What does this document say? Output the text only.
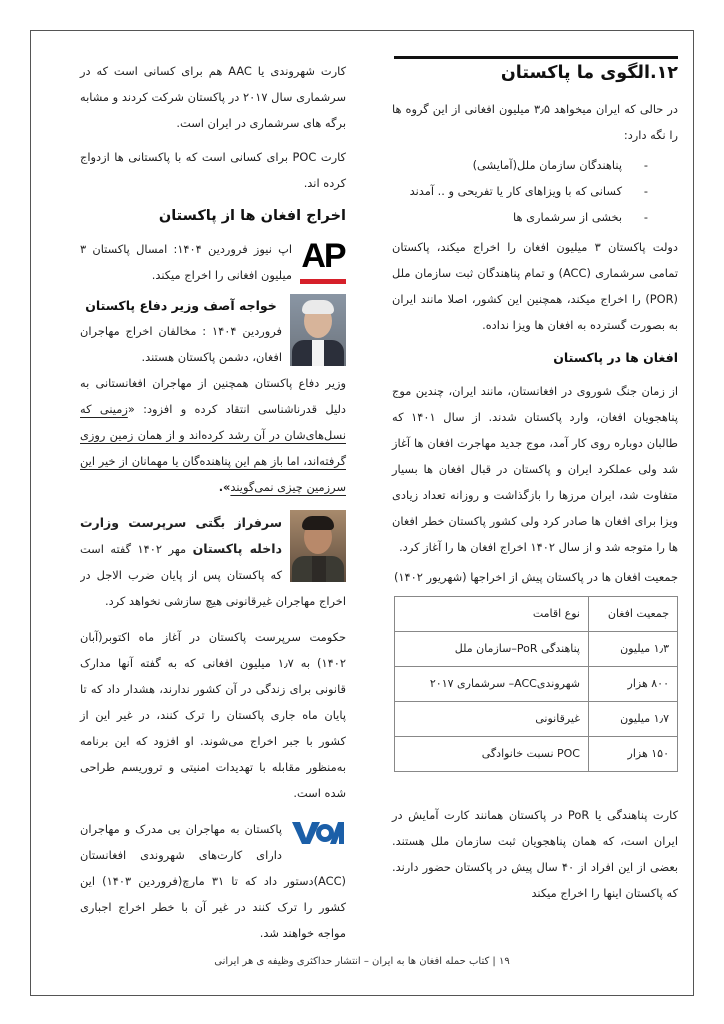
۱۲.الگوی ما پاکستان

در حالی که ایران میخواهد ۳٫۵ میلیون افغانی از این گروه ها را نگه دارد:

- پناهندگان سازمان ملل(آمایشی)
- کسانی که با ویزاهای کار یا تفریحی و .. آمدند
- بخشی از سرشماری ها

دولت پاکستان ۳ میلیون افغان را اخراج میکند، پاکستان تمامی سرشماری (ACC) و تمام پناهندگان ثبت سازمان ملل (POR) را اخراج میکند، همچنین این کشور، اصلا مانند ایران به بصورت گسترده به افغان ها ویزا نداده.

افغان ها در پاکستان

از زمان جنگ شوروی در افغانستان، مانند ایران، چندین موج پناهجویان افغان، وارد پاکستان شدند. از سال ۱۴۰۱ که طالبان دوباره روی کار آمد، موج جدید مهاجرت افغان ها آغاز شد ولی عملکرد ایران و پاکستان در قبال افغان ها بسیار متفاوت شد، ایران مرزها را بازگذاشت و روزانه تعداد زیادی ویزا برای افغان ها صادر کرد ولی کشور پاکستان خطر افغان ها را متوجه شد و از سال ۱۴۰۲ اخراج افغان ها را آغاز کرد.

جمعیت افغان ها در پاکستان پیش از اخراجها (شهریور ۱۴۰۲)

جمعیت افغان	نوع اقامت
۱٫۳ میلیون	پناهندگی PoR–سازمان ملل
۸۰۰ هزار	شهروندیACC– سرشماری ۲۰۱۷
۱٫۷ میلیون	غیرقانونی
۱۵۰ هزار	POC نسبت خانوادگی

کارت پناهندگی یا PoR در پاکستان همانند کارت آمایش در ایران است، که همان پناهجویان ثبت سازمان ملل هستند. بعضی از این افراد از ۴۰ سال پیش در پاکستان حضور دارند. که پاکستان اینها را اخراج میکند

کارت شهروندی یا AAC هم برای کسانی است که در سرشماری سال ۲۰۱۷ در پاکستان شرکت کردند و مشابه برگه های سرشماری در ایران است.

کارت POC برای کسانی است که با پاکستانی ها ازدواج کرده اند.

اخراج افغان ها از پاکستان
AP

اپ نیوز فروردین ۱۴۰۴: امسال پاکستان ۳ میلیون افغانی را اخراج میکند.

خواجه آصف وزیر دفاع پاکستان

فروردین ۱۴۰۴ : مخالفان اخراج مهاجران افغان، دشمن پاکستان هستند.

وزیر دفاع پاکستان همچنین از مهاجران افغانستانی به دلیل قدرناشناسی انتقاد کرده و افزود: «زمینی که نسل‌های‌شان در آن رشد کرده‌اند و از همان زمین روزی گرفته‌اند، اما باز هم این پناهنده‌گان یا مهمانان از خیر این سرزمین چیزی نمی‌گویند».

سرفراز بگتی سرپرست وزارت داخله پاکستان مهر ۱۴۰۲ گفته است که پاکستان پس از پایان ضرب الاجل در اخراج مهاجران غیرقانونی هیچ سازشی نخواهد کرد.

حکومت سرپرست پاکستان در آغاز ماه اکتوبر(آبان ۱۴۰۲) به ۱٫۷ میلیون افغانی که به گفته آنها مدارک قانونی برای زندگی در آن کشور ندارند، هشدار داد که تا پایان ماه جاری پاکستان را ترک کنند، در غیر این از کشور با جبر اخراج می‌شوند. او افزود که این برنامه به‌منظور مقابله با تهدیدات امنیتی و تروریسم طراحی شده است.

پاکستان به مهاجران بی مدرک و مهاجران دارای کارت‌های شهروندی افغانستان (ACC)دستور داد که تا ۳۱ مارچ(فروردین ۱۴۰۳) این کشور را ترک کنند در غیر آن با خطر اخراج اجباری مواجه خواهند شد.

۱۹ | کتاب حمله افغان ها به ایران – انتشار حداکثری وظیفه ی هر ایرانی
